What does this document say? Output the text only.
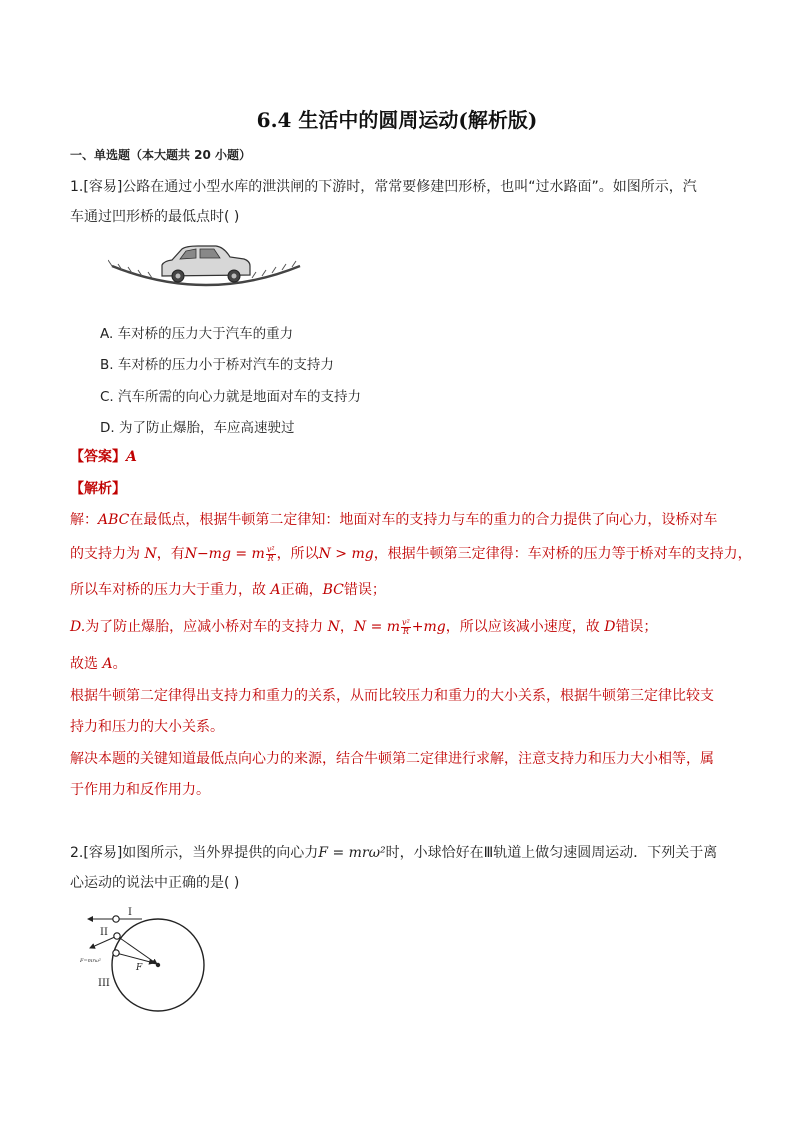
6.4 生活中的圆周运动(解析版)
一、单选题（本大题共 20 小题）
1.[容易]公路在通过小型水库的泄洪闸的下游时，常常要修建凹形桥，也叫“过水路面”。如图所示，汽
车通过凹形桥的最低点时( )
A. 车对桥的压力大于汽车的重力
B. 车对桥的压力小于桥对汽车的支持力
C. 汽车所需的向心力就是地面对车的支持力
D. 为了防止爆胎，车应高速驶过
【答案】A
【解析】
解：ABC在最低点，根据牛顿第二定律知：地面对车的支持力与车的重力的合力提供了向心力，设桥对车
的支持力为 N，有N−mg = m $\frac{\text{v²}}{R}$ ，所以N > mg，根据牛顿第三定律得：车对桥的压力等于桥对车的支持力，
所以车对桥的压力大于重力，故 A正确，BC错误；
D.为了防止爆胎，应减小桥对车的支持力 N，N = m $\frac{\text{v²}}{R} +mg$，所以应该减小速度，故 D错误；
故选 A。
根据牛顿第二定律得出支持力和重力的关系，从而比较压力和重力的大小关系，根据牛顿第三定律比较支
持力和压力的大小关系。
解决本题的关键知道最低点向心力的来源，结合牛顿第二定律进行求解，注意支持力和压力大小相等，属
于作用力和反作用力。
2.[容易]如图所示，当外界提供的向心力F = mrω²时，小球恰好在Ⅲ轨道上做匀速圆周运动．下列关于离
心运动的说法中正确的是( )
I
II
III
F
F=mrω²
